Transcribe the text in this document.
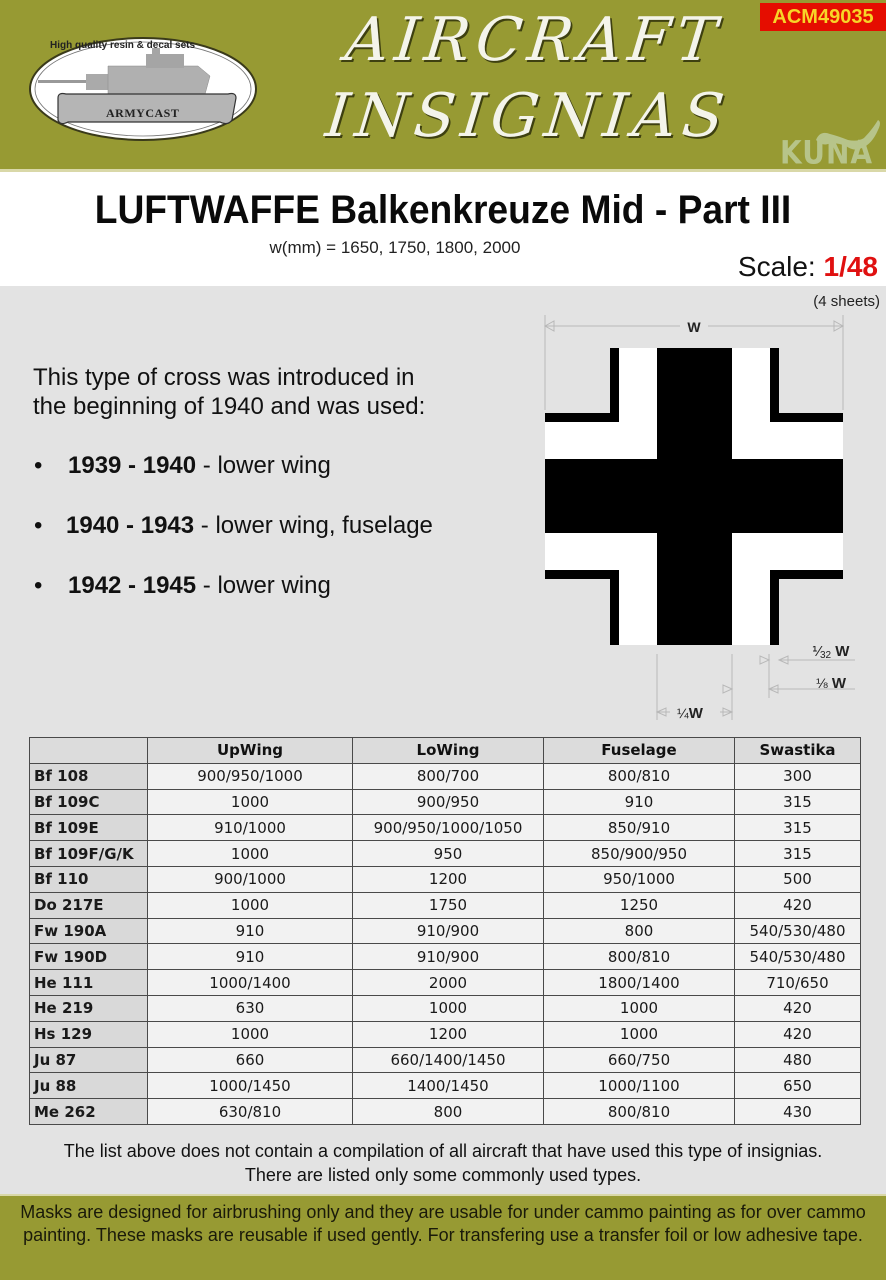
High quality resin & decal sets
ARMYCAST
AIRCRAFT
INSIGNIAS
ACM49035
KUNA
LUFTWAFFE Balkenkreuze Mid - Part III
w(mm) = 1650, 1750, 1800, 2000
Scale: 1/48
(4 sheets)
This type of cross was introduced in
the beginning of 1940 and was used:
• 1939 - 1940 - lower wing
• 1940 - 1943 - lower wing, fuselage
• 1942 - 1945 - lower wing
W
⅟32 W
⅛ W
¼W
	UpWing	LoWing	Fuselage	Swastika
Bf 108	900/950/1000	800/700	800/810	300
Bf 109C	1000	900/950	910	315
Bf 109E	910/1000	900/950/1000/1050	850/910	315
Bf 109F/G/K	1000	950	850/900/950	315
Bf 110	900/1000	1200	950/1000	500
Do 217E	1000	1750	1250	420
Fw 190A	910	910/900	800	540/530/480
Fw 190D	910	910/900	800/810	540/530/480
He 111	1000/1400	2000	1800/1400	710/650
He 219	630	1000	1000	420
Hs 129	1000	1200	1000	420
Ju 87	660	660/1400/1450	660/750	480
Ju 88	1000/1450	1400/1450	1000/1100	650
Me 262	630/810	800	800/810	430
The list above does not contain a compilation of all aircraft that have used this type of insignias.
There are listed only some commonly used types.
Masks are designed for airbrushing only and they are usable for under cammo painting as for over cammo painting. These masks are reusable if used gently. For transfering use a transfer foil or low adhesive tape.
